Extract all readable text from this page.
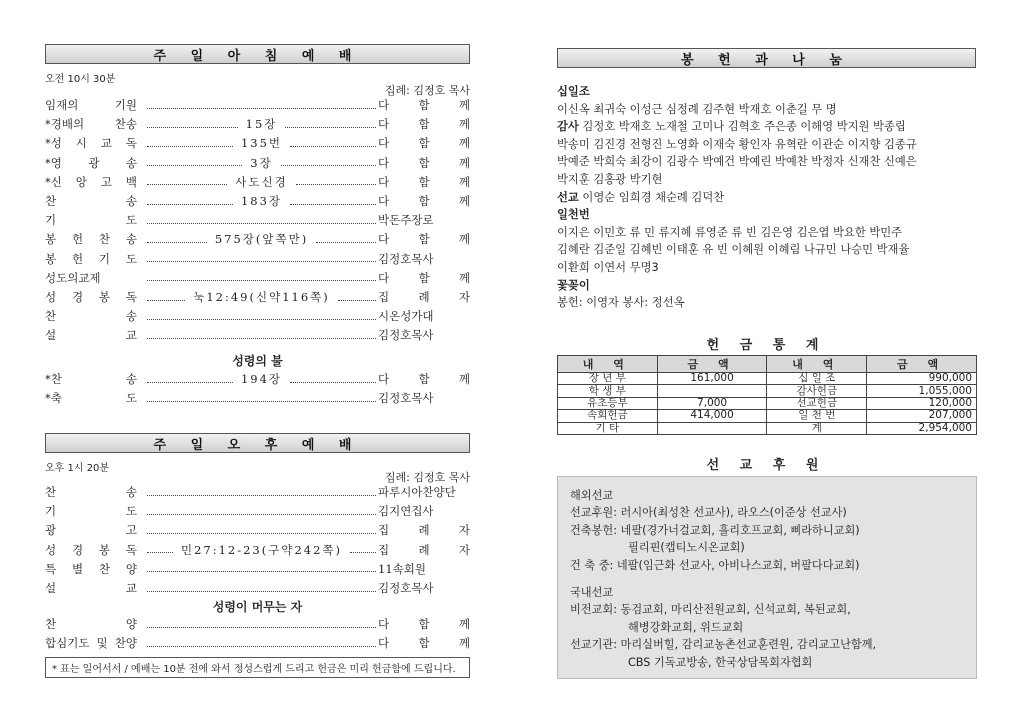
주 일 아 침 예 배
오전 10시 30분
집례: 김정호 목사
임재의 기원	다 함 께
*경배의 찬송	15장	다 함 께
*성 시 교 독	135번	다 함 께
*영 광 송	3장	다 함 께
*신 앙 고 백	사도신경	다 함 께
찬 송	183장	다 함 께
기 도	박돈주장로
봉 헌 찬 송	575장(앞쪽만)	다 함 께
봉 헌 기 도	김정호목사
성도의교제	다 함 께
성 경 봉 독	눅12:49(신약116쪽)	집 례 자
찬 송	시온성가대
설 교	김정호목사
성령의 불
*찬 송	194장	다 함 께
*축 도	김정호목사
주 일 오 후 예 배
오후 1시 20분
집례: 김정호 목사
찬 송	파루시아찬양단
기 도	김지연집사
광 고	집 례 자
성 경 봉 독	민27:12-23(구약242쪽)	집 례 자
특 별 찬 양	11속회원
설 교	김정호목사
성령이 머무는 자
찬 양	다 함 께
합심기도 및 찬양	다 함 께
* 표는 일어서서 / 예배는 10분 전에 와서 정성스럽게 드리고 헌금은 미리 헌금함에 드립니다.
봉 헌 과 나 눔
십일조
이신옥 최귀숙 이성근 심정례 김주현 박재호 이춘길 무 명
감사 김정호 박재호 노재철 고미나 김혁호 주은종 이해영 박지원 박종립
박송미 김진경 전형진 노영화 이재숙 황인자 유혁란 이관순 이지향 김종규
박예준 박희숙 최강이 김광수 박예건 박예린 박예찬 박정자 신재찬 신예은
박지훈 김홍광 박기현
선교 이영순 임희경 채순례 김덕찬
일천번
이지은 이민호 류 민 류지혜 류영준 류 빈 김은영 김은엽 박요한 박민주
김혜란 김준일 김혜빈 이태훈 유 빈 이혜원 이혜림 나규민 나승민 박재율
이환희 이연서 무명3
꽃꽂이
봉헌: 이영자 봉사: 정선옥
헌 금 통 계
내 역	금 액	내 역	금 액
장 년 부	161,000	십 일 조	990,000
학 생 부		감사헌금	1,055,000
유초등부	7,000	선교헌금	120,000
속회헌금	414,000	일 천 번	207,000
기 타		계	2,954,000
선 교 후 원
해외선교
선교후원: 러시아(최성찬 선교사), 라오스(이준상 선교사)
건축봉헌: 네팔(경가너걸교회, 흘리호프교회, 삐라하니교회)
필리핀(캡티노시온교회)
건 축 중: 네팔(임근화 선교사, 아비나스교회, 버팔다다교회)
국내선교
비전교회: 동검교회, 마리산전원교회, 신석교회, 복된교회,
해병강화교회, 위드교회
선교기관: 마리실버힐, 감리교농촌선교훈련원, 감리교고난함께,
CBS 기독교방송, 한국상담목회자협회
